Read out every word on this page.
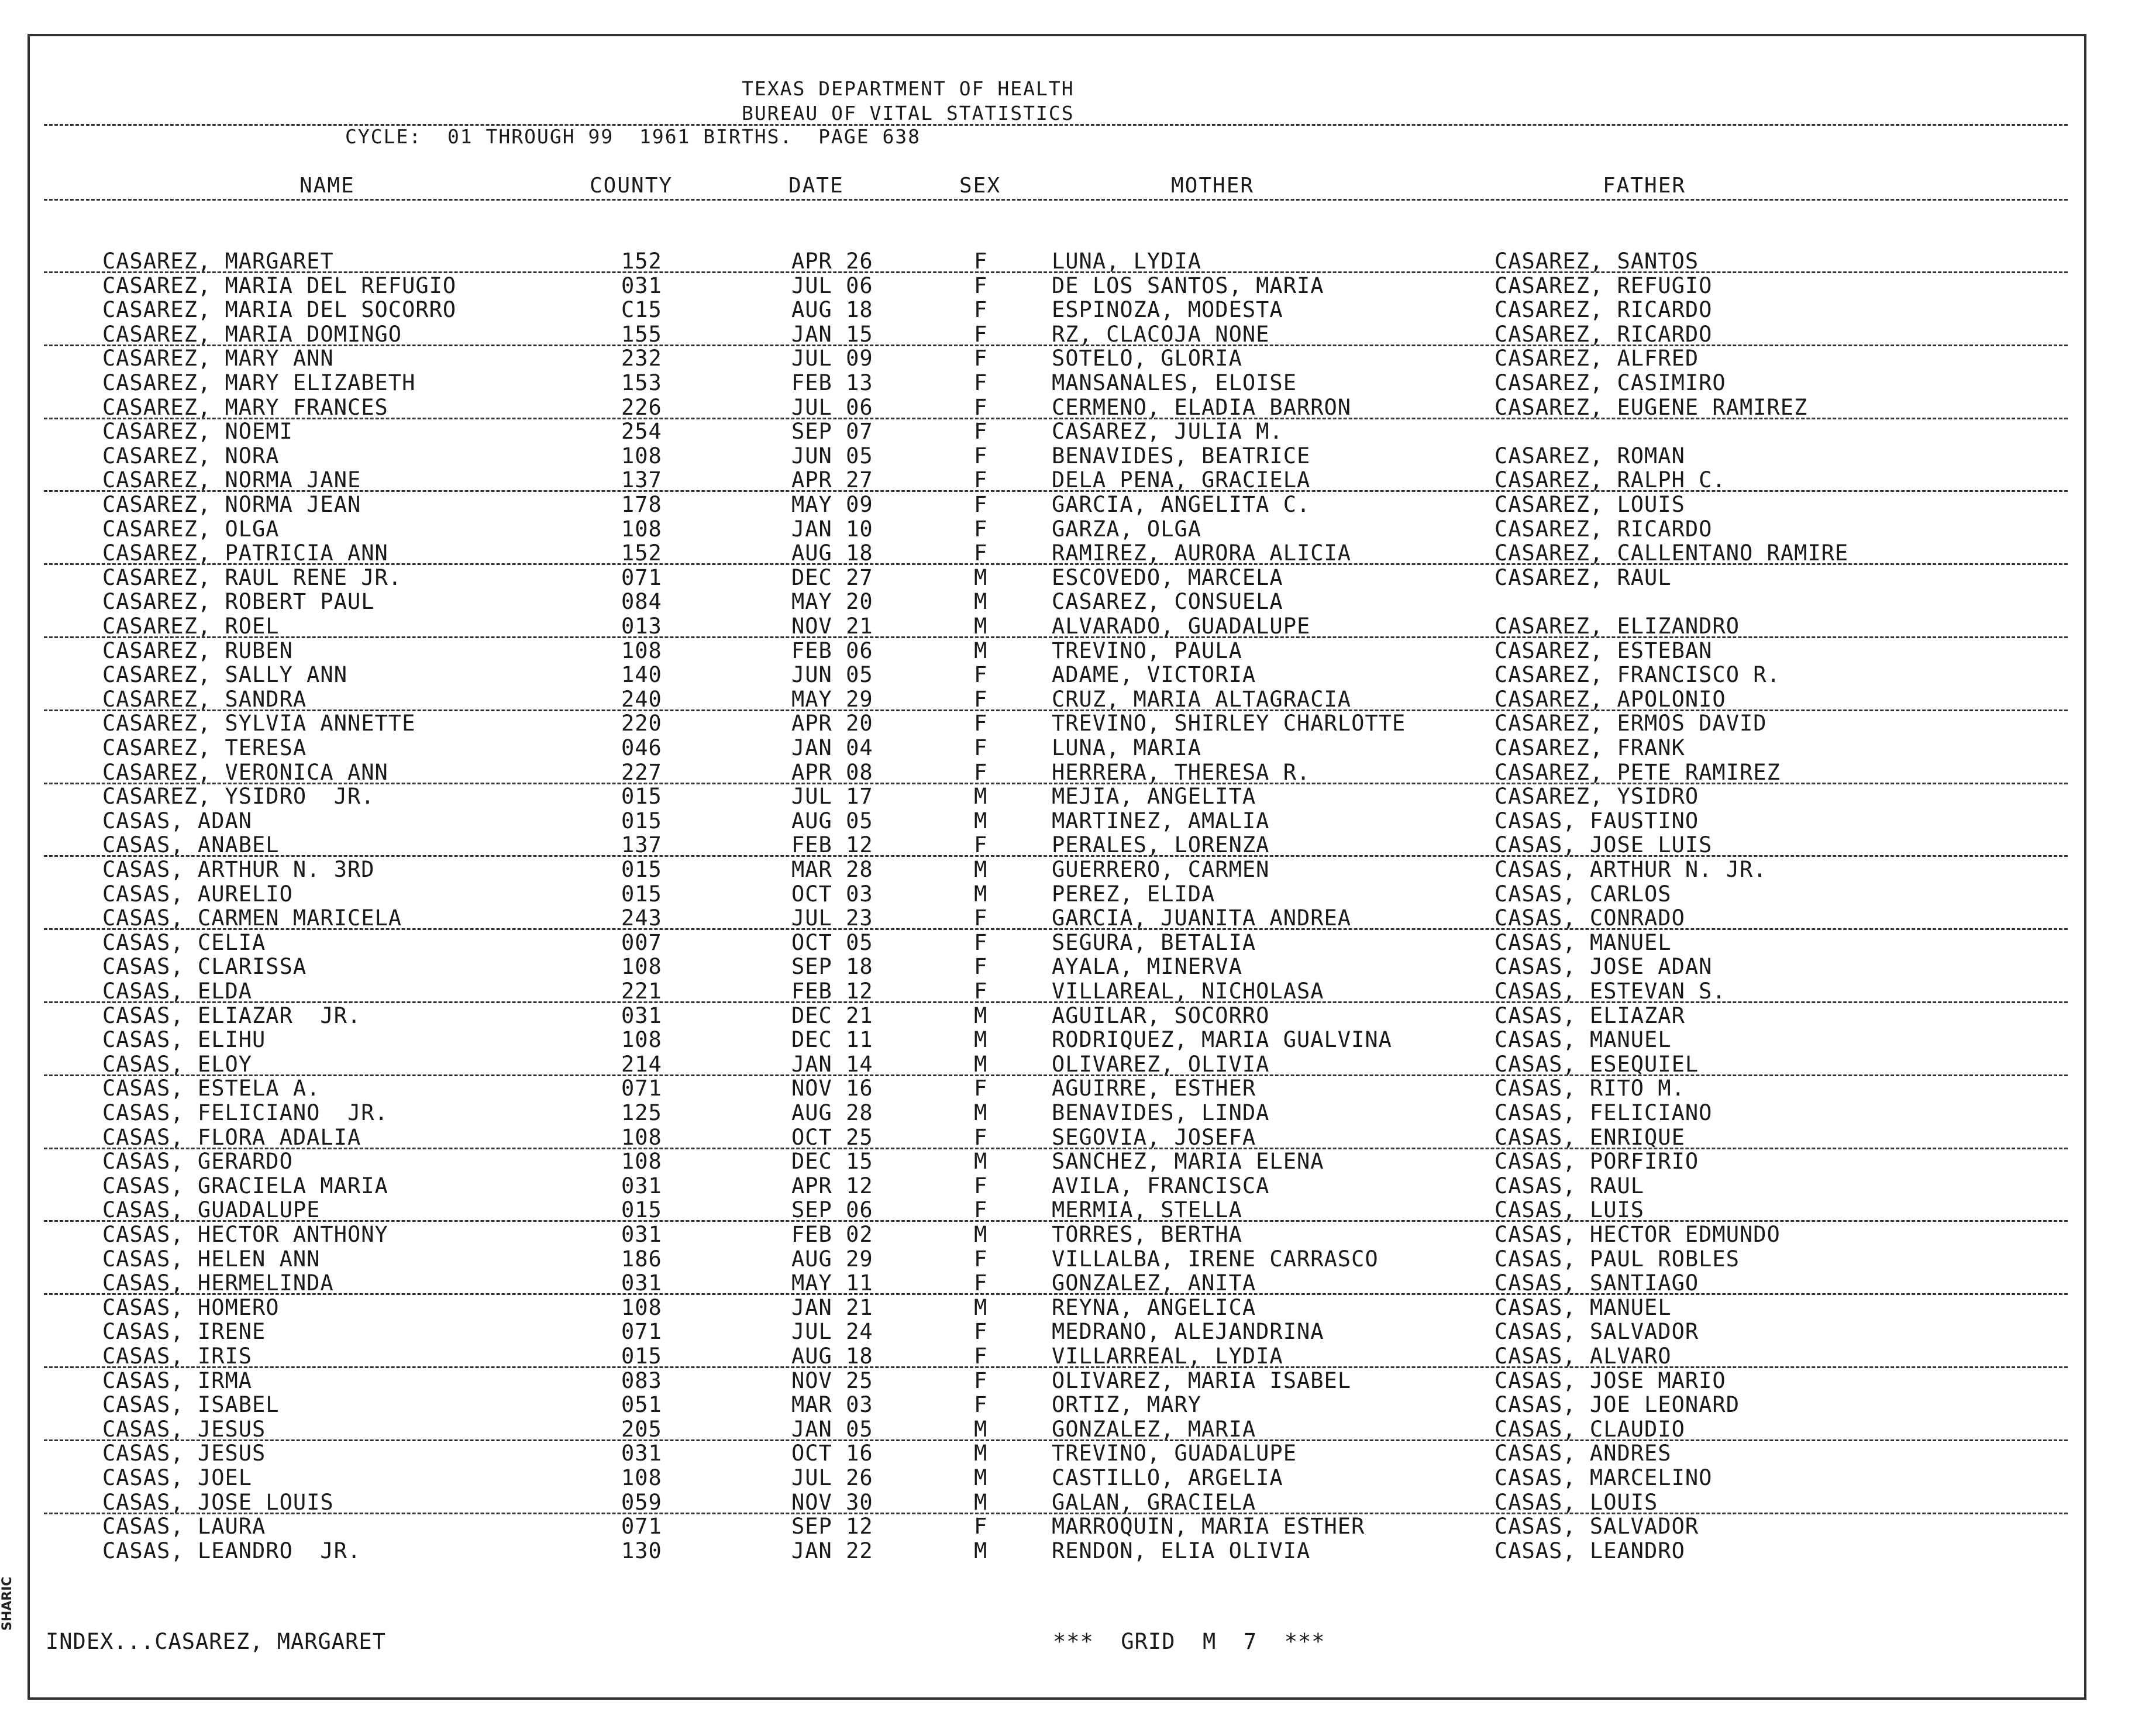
TEXAS DEPARTMENT OF HEALTH
BUREAU OF VITAL STATISTICS
CYCLE:  01 THROUGH 99  1961 BIRTHS.  PAGE 638
NAME	COUNTY	DATE	SEX	MOTHER	FATHER
CASAREZ, MARGARET	152	APR 26	F	LUNA, LYDIA	CASAREZ, SANTOS
CASAREZ, MARIA DEL REFUGIO	031	JUL 06	F	DE LOS SANTOS, MARIA	CASAREZ, REFUGIO
CASAREZ, MARIA DEL SOCORRO	C15	AUG 18	F	ESPINOZA, MODESTA	CASAREZ, RICARDO
CASAREZ, MARIA DOMINGO	155	JAN 15	F	RZ, CLACOJA NONE	CASAREZ, RICARDO
CASAREZ, MARY ANN	232	JUL 09	F	SOTELO, GLORIA	CASAREZ, ALFRED
CASAREZ, MARY ELIZABETH	153	FEB 13	F	MANSANALES, ELOISE	CASAREZ, CASIMIRO
CASAREZ, MARY FRANCES	226	JUL 06	F	CERMENO, ELADIA BARRON	CASAREZ, EUGENE RAMIREZ
CASAREZ, NOEMI	254	SEP 07	F	CASAREZ, JULIA M.
CASAREZ, NORA	108	JUN 05	F	BENAVIDES, BEATRICE	CASAREZ, ROMAN
CASAREZ, NORMA JANE	137	APR 27	F	DELA PENA, GRACIELA	CASAREZ, RALPH C.
CASAREZ, NORMA JEAN	178	MAY 09	F	GARCIA, ANGELITA C.	CASAREZ, LOUIS
CASAREZ, OLGA	108	JAN 10	F	GARZA, OLGA	CASAREZ, RICARDO
CASAREZ, PATRICIA ANN	152	AUG 18	F	RAMIREZ, AURORA ALICIA	CASAREZ, CALLENTANO RAMIRE
CASAREZ, RAUL RENE JR.	071	DEC 27	M	ESCOVEDO, MARCELA	CASAREZ, RAUL
CASAREZ, ROBERT PAUL	084	MAY 20	M	CASAREZ, CONSUELA
CASAREZ, ROEL	013	NOV 21	M	ALVARADO, GUADALUPE	CASAREZ, ELIZANDRO
CASAREZ, RUBEN	108	FEB 06	M	TREVINO, PAULA	CASAREZ, ESTEBAN
CASAREZ, SALLY ANN	140	JUN 05	F	ADAME, VICTORIA	CASAREZ, FRANCISCO R.
CASAREZ, SANDRA	240	MAY 29	F	CRUZ, MARIA ALTAGRACIA	CASAREZ, APOLONIO
CASAREZ, SYLVIA ANNETTE	220	APR 20	F	TREVINO, SHIRLEY CHARLOTTE	CASAREZ, ERMOS DAVID
CASAREZ, TERESA	046	JAN 04	F	LUNA, MARIA	CASAREZ, FRANK
CASAREZ, VERONICA ANN	227	APR 08	F	HERRERA, THERESA R.	CASAREZ, PETE RAMIREZ
CASAREZ, YSIDRO  JR.	015	JUL 17	M	MEJIA, ANGELITA	CASAREZ, YSIDRO
CASAS, ADAN	015	AUG 05	M	MARTINEZ, AMALIA	CASAS, FAUSTINO
CASAS, ANABEL	137	FEB 12	F	PERALES, LORENZA	CASAS, JOSE LUIS
CASAS, ARTHUR N. 3RD	015	MAR 28	M	GUERRERO, CARMEN	CASAS, ARTHUR N. JR.
CASAS, AURELIO	015	OCT 03	M	PEREZ, ELIDA	CASAS, CARLOS
CASAS, CARMEN MARICELA	243	JUL 23	F	GARCIA, JUANITA ANDREA	CASAS, CONRADO
CASAS, CELIA	007	OCT 05	F	SEGURA, BETALIA	CASAS, MANUEL
CASAS, CLARISSA	108	SEP 18	F	AYALA, MINERVA	CASAS, JOSE ADAN
CASAS, ELDA	221	FEB 12	F	VILLAREAL, NICHOLASA	CASAS, ESTEVAN S.
CASAS, ELIAZAR  JR.	031	DEC 21	M	AGUILAR, SOCORRO	CASAS, ELIAZAR
CASAS, ELIHU	108	DEC 11	M	RODRIQUEZ, MARIA GUALVINA	CASAS, MANUEL
CASAS, ELOY	214	JAN 14	M	OLIVAREZ, OLIVIA	CASAS, ESEQUIEL
CASAS, ESTELA A.	071	NOV 16	F	AGUIRRE, ESTHER	CASAS, RITO M.
CASAS, FELICIANO  JR.	125	AUG 28	M	BENAVIDES, LINDA	CASAS, FELICIANO
CASAS, FLORA ADALIA	108	OCT 25	F	SEGOVIA, JOSEFA	CASAS, ENRIQUE
CASAS, GERARDO	108	DEC 15	M	SANCHEZ, MARIA ELENA	CASAS, PORFIRIO
CASAS, GRACIELA MARIA	031	APR 12	F	AVILA, FRANCISCA	CASAS, RAUL
CASAS, GUADALUPE	015	SEP 06	F	MERMIA, STELLA	CASAS, LUIS
CASAS, HECTOR ANTHONY	031	FEB 02	M	TORRES, BERTHA	CASAS, HECTOR EDMUNDO
CASAS, HELEN ANN	186	AUG 29	F	VILLALBA, IRENE CARRASCO	CASAS, PAUL ROBLES
CASAS, HERMELINDA	031	MAY 11	F	GONZALEZ, ANITA	CASAS, SANTIAGO
CASAS, HOMERO	108	JAN 21	M	REYNA, ANGELICA	CASAS, MANUEL
CASAS, IRENE	071	JUL 24	F	MEDRANO, ALEJANDRINA	CASAS, SALVADOR
CASAS, IRIS	015	AUG 18	F	VILLARREAL, LYDIA	CASAS, ALVARO
CASAS, IRMA	083	NOV 25	F	OLIVAREZ, MARIA ISABEL	CASAS, JOSE MARIO
CASAS, ISABEL	051	MAR 03	F	ORTIZ, MARY	CASAS, JOE LEONARD
CASAS, JESUS	205	JAN 05	M	GONZALEZ, MARIA	CASAS, CLAUDIO
CASAS, JESUS	031	OCT 16	M	TREVINO, GUADALUPE	CASAS, ANDRES
CASAS, JOEL	108	JUL 26	M	CASTILLO, ARGELIA	CASAS, MARCELINO
CASAS, JOSE LOUIS	059	NOV 30	M	GALAN, GRACIELA	CASAS, LOUIS
CASAS, LAURA	071	SEP 12	F	MARROQUIN, MARIA ESTHER	CASAS, SALVADOR
CASAS, LEANDRO  JR.	130	JAN 22	M	RENDON, ELIA OLIVIA	CASAS, LEANDRO
INDEX...CASAREZ, MARGARET	***  GRID  M  7  ***
SHARIC
